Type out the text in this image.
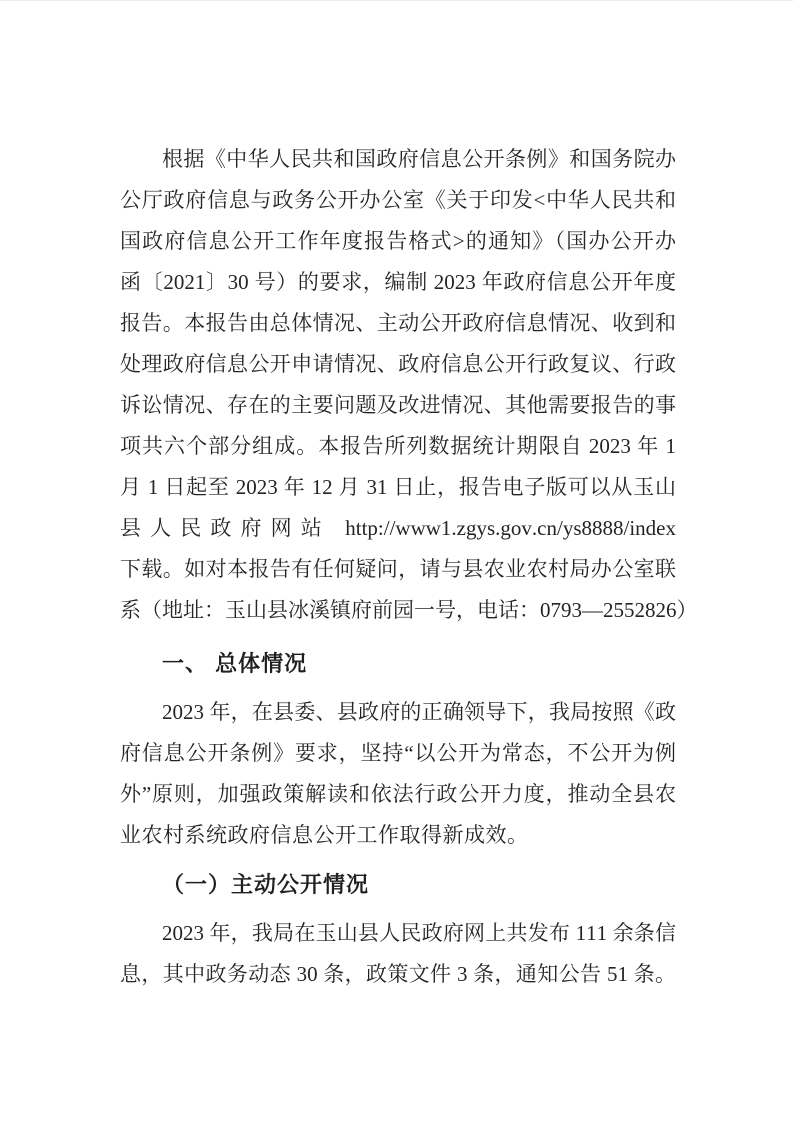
根据《中华人民共和国政府信息公开条例》和国务院办
公厅政府信息与政务公开办公室《关于印发<中华人民共和
国政府信息公开工作年度报告格式>的通知》（国办公开办
函〔2021〕30 号）的要求，编制 2023 年政府信息公开年度
报告。本报告由总体情况、主动公开政府信息情况、收到和
处理政府信息公开申请情况、政府信息公开行政复议、行政
诉讼情况、存在的主要问题及改进情况、其他需要报告的事
项共六个部分组成。本报告所列数据统计期限自 2023 年 1
月 1 日起至 2023 年 12 月 31 日止，报告电子版可以从玉山
县人民政府网站 http://www1.zgys.gov.cn/ys8888/index
下载。如对本报告有任何疑问，请与县农业农村局办公室联
系（地址：玉山县冰溪镇府前园一号，电话：0793—2552826）
一、 总体情况
2023 年，在县委、县政府的正确领导下，我局按照《政
府信息公开条例》要求，坚持“以公开为常态，不公开为例
外”原则，加强政策解读和依法行政公开力度，推动全县农
业农村系统政府信息公开工作取得新成效。
（一）主动公开情况
2023 年，我局在玉山县人民政府网上共发布 111 余条信
息，其中政务动态 30 条，政策文件 3 条，通知公告 51 条。
